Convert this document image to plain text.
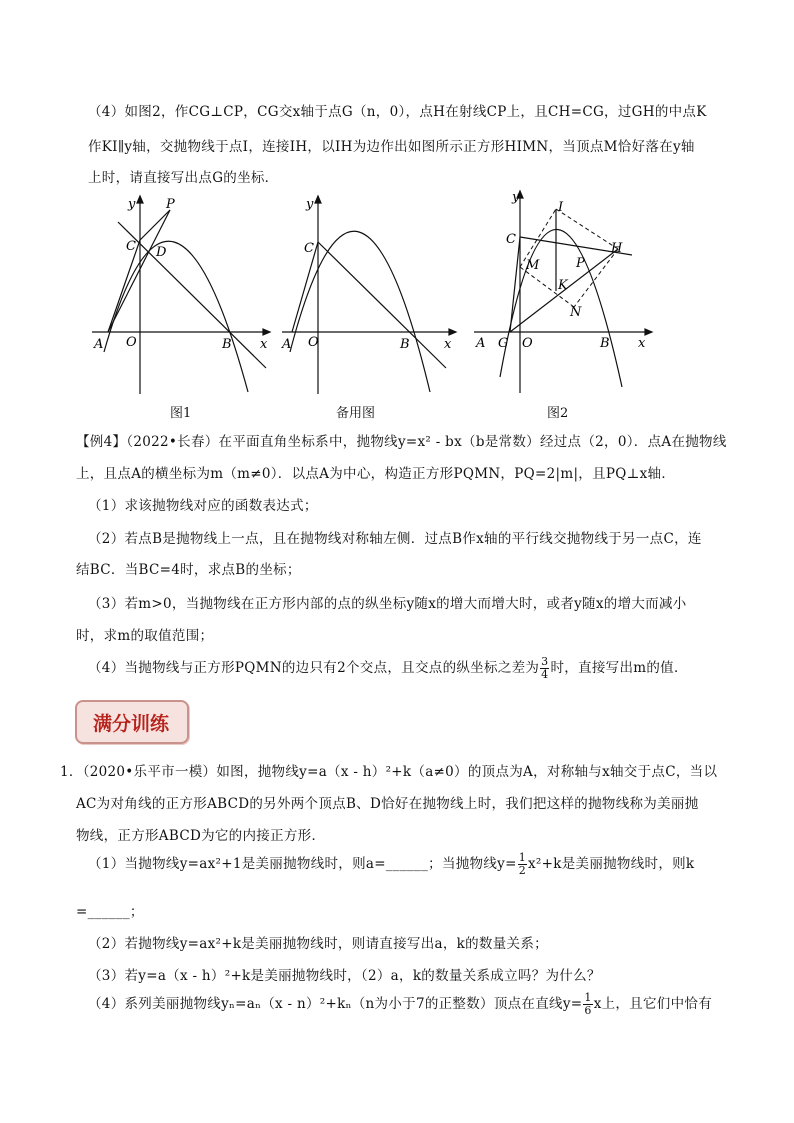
（4）如图2，作CG⊥CP，CG交x轴于点G（n，0），点H在射线CP上，且CH=CG，过GH的中点K
作KI∥y轴，交抛物线于点I，连接IH，以IH为边作出如图所示正方形HIMN，当顶点M恰好落在y轴
上时，请直接写出点G的坐标．
y P
C D
A O	B x
图1
y
C
A O	B	x
备用图
y
I
C
H
M	P
K
N
A G O	B x
图2
【例4】（2022•长春）在平面直角坐标系中，抛物线y=x² - bx（b是常数）经过点（2，0）．点A在抛物线
上，且点A的横坐标为m（m≠0）．以点A为中心，构造正方形PQMN，PQ=2|m|，且PQ⊥x轴．
（1）求该抛物线对应的函数表达式；
（2）若点B是抛物线上一点，且在抛物线对称轴左侧．过点B作x轴的平行线交抛物线于另一点C，连
结BC．当BC=4时，求点B的坐标；
（3）若m>0，当抛物线在正方形内部的点的纵坐标y随x的增大而增大时，或者y随x的增大而减小
时，求m的取值范围；
（4）当抛物线与正方形PQMN的边只有2个交点，且交点的纵坐标之差为 $\frac{3}{4}$ 时，直接写出m的值．
满分训练
1．（2020•乐平市一模）如图，抛物线y=a（x - h）²+k（a≠0）的顶点为A，对称轴与x轴交于点C，当以
AC为对角线的正方形ABCD的另外两个顶点B、D恰好在抛物线上时，我们把这样的抛物线称为美丽抛
物线，正方形ABCD为它的内接正方形．
（1）当抛物线y=ax²+1是美丽抛物线时，则a=______；当抛物线$y= \frac{1}{2} x^2+k$是美丽抛物线时，则k
=______；
（2）若抛物线y=ax²+k是美丽抛物线时，则请直接写出a，k的数量关系；
（3）若y=a（x - h）²+k是美丽抛物线时，（2）a，k的数量关系成立吗？为什么？
（4）系列美丽抛物线yₙ=aₙ（x - n）²+kₙ（n为小于7的正整数）顶点在直线$y= \frac{1}{6}$ x上，且它们中恰有
